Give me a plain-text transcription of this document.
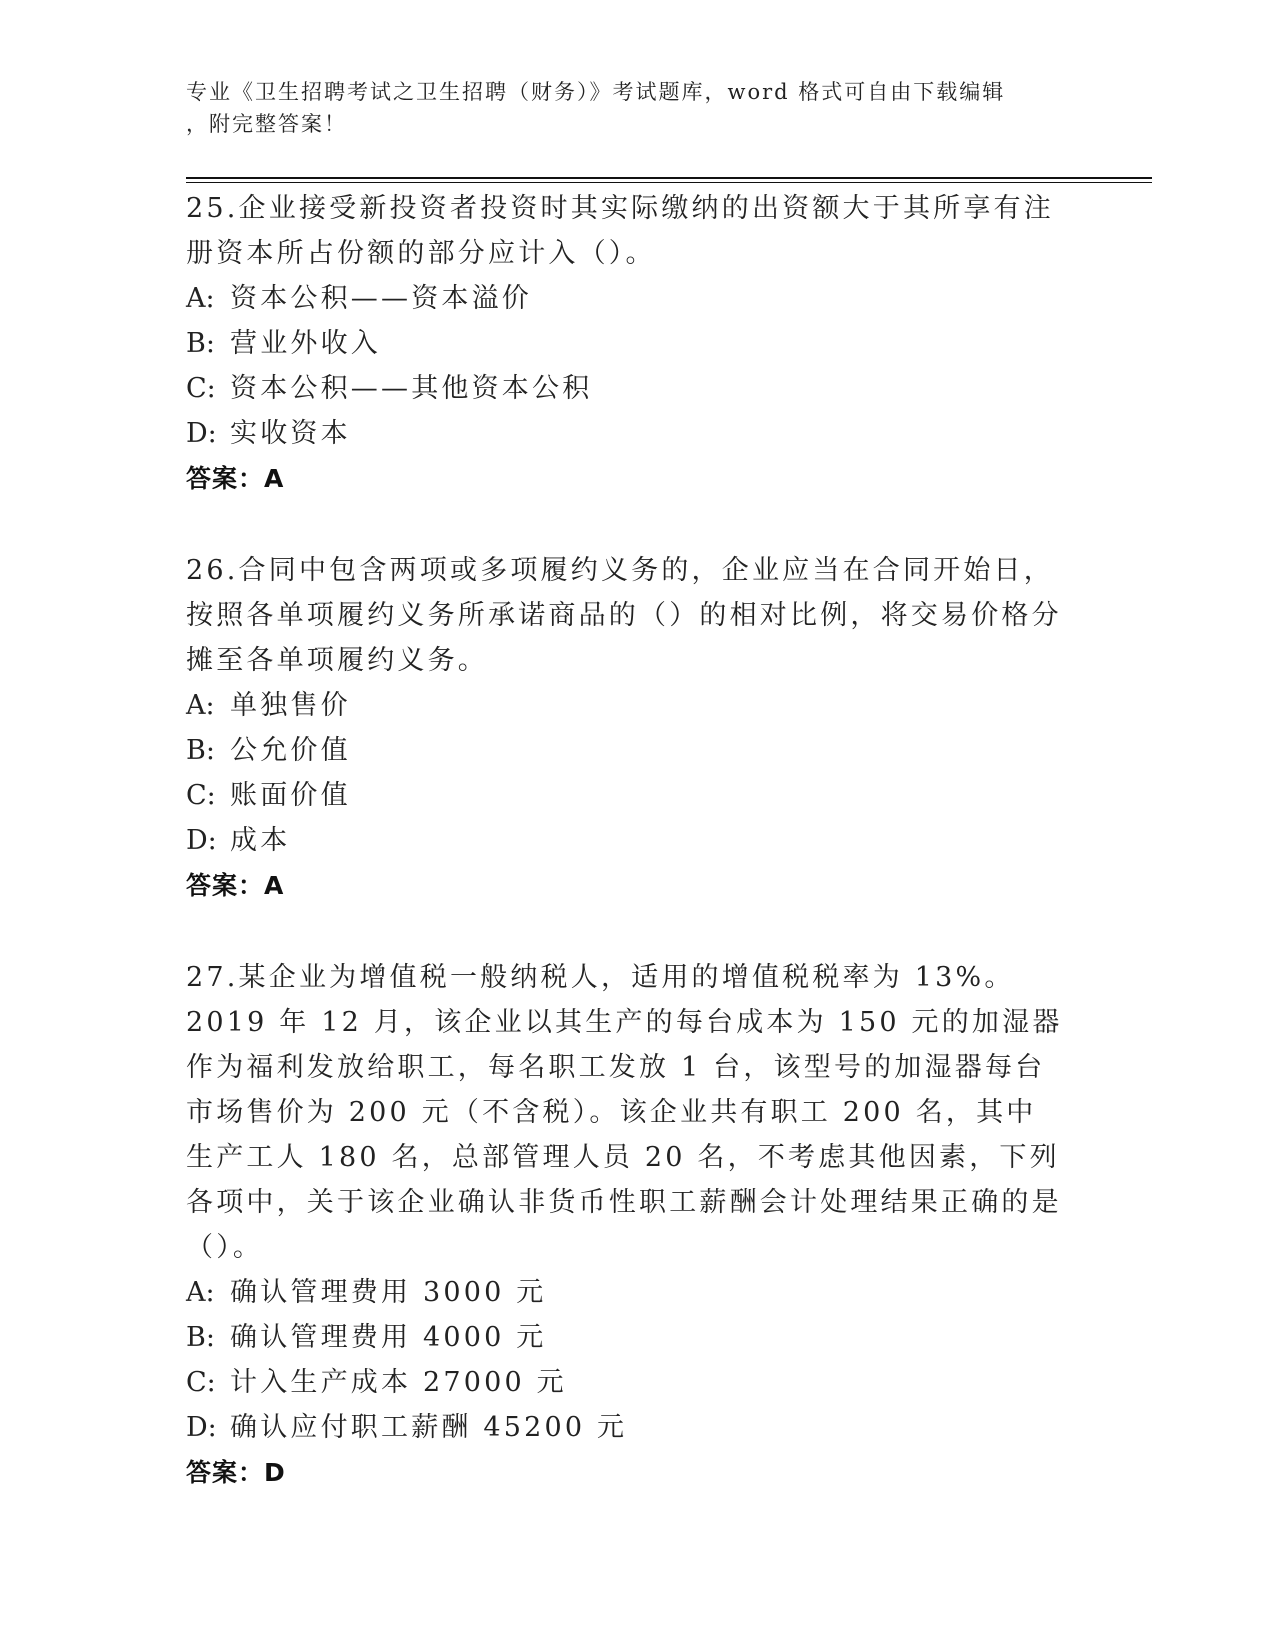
专业《卫生招聘考试之卫生招聘（财务）》考试题库，word 格式可自由下载编辑
，附完整答案！

25.企业接受新投资者投资时其实际缴纳的出资额大于其所享有注册资本所占份额的部分应计入（）。

A: 资本公积——资本溢价

B: 营业外收入

C: 资本公积——其他资本公积

D: 实收资本

答案：A

26.合同中包含两项或多项履约义务的，企业应当在合同开始日，按照各单项履约义务所承诺商品的（）的相对比例，将交易价格分摊至各单项履约义务。

A: 单独售价

B: 公允价值

C: 账面价值

D: 成本

答案：A

27.某企业为增值税一般纳税人，适用的增值税税率为 13%。2019 年 12 月，该企业以其生产的每台成本为 150 元的加湿器作为福利发放给职工，每名职工发放 1 台，该型号的加湿器每台市场售价为 200 元（不含税）。该企业共有职工 200 名，其中生产工人 180 名，总部管理人员 20 名，不考虑其他因素，下列各项中，关于该企业确认非货币性职工薪酬会计处理结果正确的是（）。

A: 确认管理费用 3000 元

B: 确认管理费用 4000 元

C: 计入生产成本 27000 元

D: 确认应付职工薪酬 45200 元

答案：D
